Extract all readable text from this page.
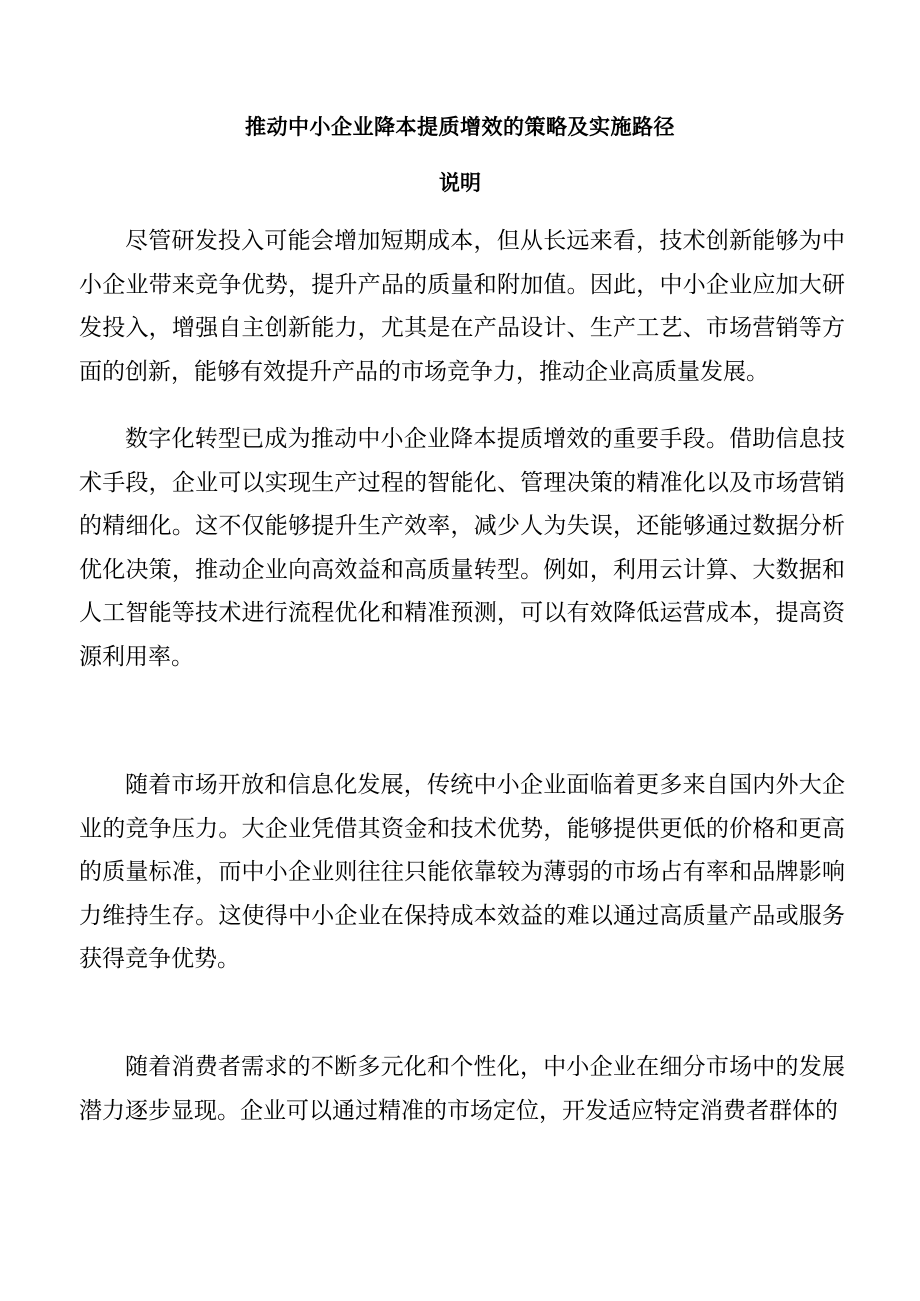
推动中小企业降本提质增效的策略及实施路径
说明

尽管研发投入可能会增加短期成本，但从长远来看，技术创新能够为中小企业带来竞争优势，提升产品的质量和附加值。因此，中小企业应加大研发投入，增强自主创新能力，尤其是在产品设计、生产工艺、市场营销等方面的创新，能够有效提升产品的市场竞争力，推动企业高质量发展。

数字化转型已成为推动中小企业降本提质增效的重要手段。借助信息技术手段，企业可以实现生产过程的智能化、管理决策的精准化以及市场营销的精细化。这不仅能够提升生产效率，减少人为失误，还能够通过数据分析优化决策，推动企业向高效益和高质量转型。例如，利用云计算、大数据和人工智能等技术进行流程优化和精准预测，可以有效降低运营成本，提高资源利用率。

随着市场开放和信息化发展，传统中小企业面临着更多来自国内外大企业的竞争压力。大企业凭借其资金和技术优势，能够提供更低的价格和更高的质量标准，而中小企业则往往只能依靠较为薄弱的市场占有率和品牌影响力维持生存。这使得中小企业在保持成本效益的难以通过高质量产品或服务获得竞争优势。

随着消费者需求的不断多元化和个性化，中小企业在细分市场中的发展潜力逐步显现。企业可以通过精准的市场定位，开发适应特定消费者群体的
